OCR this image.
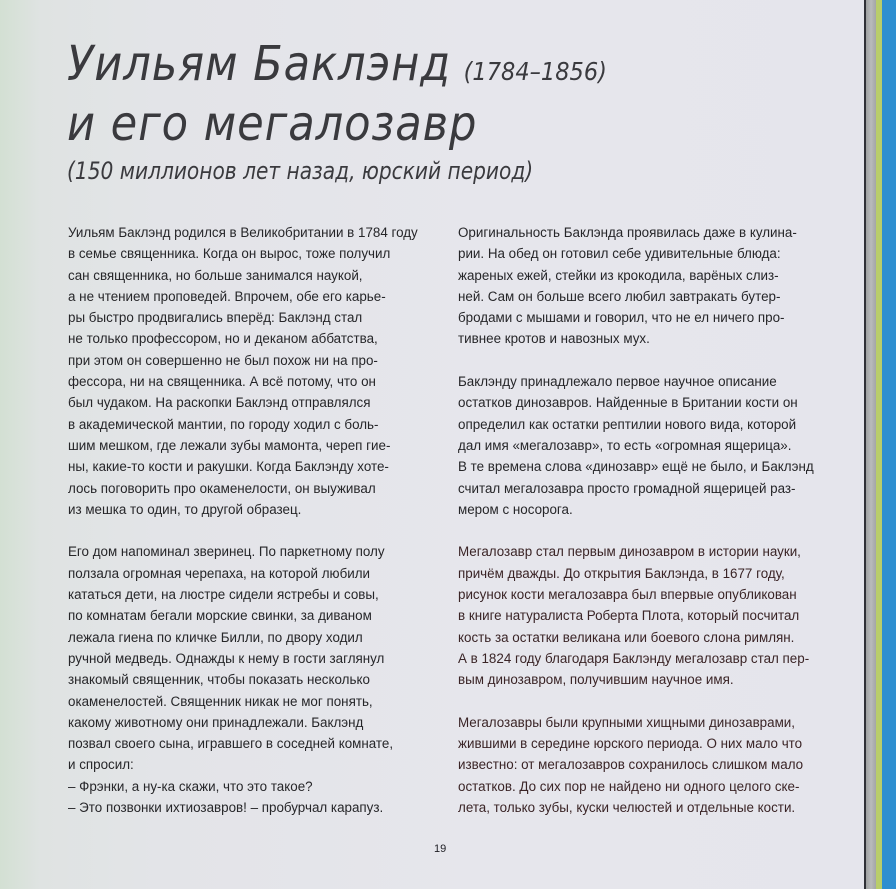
Уильям Баклэнд (1784–1856)
и его мегалозавр
(150 миллионов лет назад, юрский период)
Уильям Баклэнд родился в Великобритании в 1784 году
в семье священника. Когда он вырос, тоже получил
сан священника, но больше занимался наукой,
а не чтением проповедей. Впрочем, обе его карье-
ры быстро продвигались вперёд: Баклэнд стал
не только профессором, но и деканом аббатства,
при этом он совершенно не был похож ни на про-
фессора, ни на священника. А всё потому, что он
был чудаком. На раскопки Баклэнд отправлялся
в академической мантии, по городу ходил с боль-
шим мешком, где лежали зубы мамонта, череп гие-
ны, какие-то кости и ракушки. Когда Баклэнду хоте-
лось поговорить про окаменелости, он выуживал
из мешка то один, то другой образец.
Его дом напоминал зверинец. По паркетному полу
ползала огромная черепаха, на которой любили
кататься дети, на люстре сидели ястребы и совы,
по комнатам бегали морские свинки, за диваном
лежала гиена по кличке Билли, по двору ходил
ручной медведь. Однажды к нему в гости заглянул
знакомый священник, чтобы показать несколько
окаменелостей. Священник никак не мог понять,
какому животному они принадлежали. Баклэнд
позвал своего сына, игравшего в соседней комнате,
и спросил:
– Фрэнки, а ну-ка скажи, что это такое?
– Это позвонки ихтиозавров! – пробурчал карапуз.
Оригинальность Баклэнда проявилась даже в кулина-
рии. На обед он готовил себе удивительные блюда:
жареных ежей, стейки из крокодила, варёных слиз-
ней. Сам он больше всего любил завтракать бутер-
бродами с мышами и говорил, что не ел ничего про-
тивнее кротов и навозных мух.
Баклэнду принадлежало первое научное описание
остатков динозавров. Найденные в Британии кости он
определил как остатки рептилии нового вида, которой
дал имя «мегалозавр», то есть «огромная ящерица».
В те времена слова «динозавр» ещё не было, и Баклэнд
считал мегалозавра просто громадной ящерицей раз-
мером с носорога.
Мегалозавр стал первым динозавром в истории науки,
причём дважды. До открытия Баклэнда, в 1677 году,
рисунок кости мегалозавра был впервые опубликован
в книге натуралиста Роберта Плота, который посчитал
кость за остатки великана или боевого слона римлян.
А в 1824 году благодаря Баклэнду мегалозавр стал пер-
вым динозавром, получившим научное имя.
Мегалозавры были крупными хищными динозаврами,
жившими в середине юрского периода. О них мало что
известно: от мегалозавров сохранилось слишком мало
остатков. До сих пор не найдено ни одного целого ске-
лета, только зубы, куски челюстей и отдельные кости.
19
